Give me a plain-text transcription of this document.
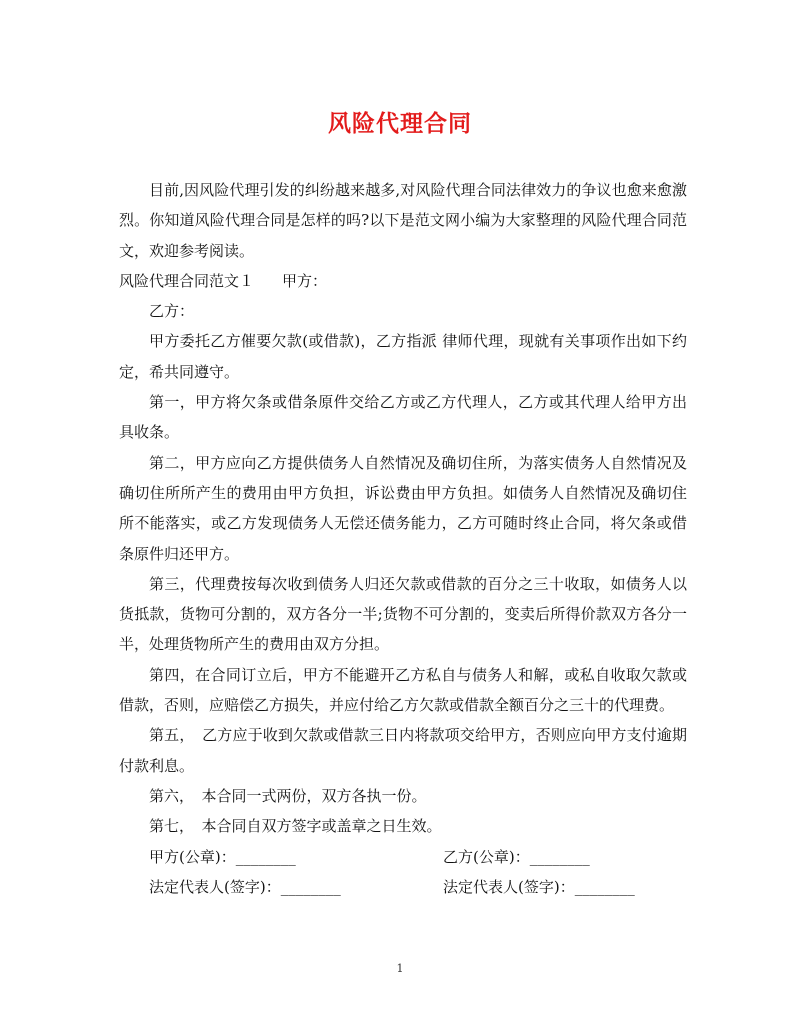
风险代理合同

目前,因风险代理引发的纠纷越来越多,对风险代理合同法律效力的争议也愈来愈激烈。你知道风险代理合同是怎样的吗?以下是范文网小编为大家整理的风险代理合同范文，欢迎参考阅读。

风险代理合同范文１ 甲方：

乙方：

甲方委托乙方催要欠款(或借款)，乙方指派 律师代理，现就有关事项作出如下约定，希共同遵守。

第一，甲方将欠条或借条原件交给乙方或乙方代理人，乙方或其代理人给甲方出具收条。

第二，甲方应向乙方提供债务人自然情况及确切住所，为落实债务人自然情况及确切住所所产生的费用由甲方负担，诉讼费由甲方负担。如债务人自然情况及确切住所不能落实，或乙方发现债务人无偿还债务能力，乙方可随时终止合同，将欠条或借条原件归还甲方。

第三，代理费按每次收到债务人归还欠款或借款的百分之三十收取，如债务人以货抵款，货物可分割的，双方各分一半;货物不可分割的，变卖后所得价款双方各分一半，处理货物所产生的费用由双方分担。

第四，在合同订立后，甲方不能避开乙方私自与债务人和解，或私自收取欠款或借款，否则，应赔偿乙方损失，并应付给乙方欠款或借款全额百分之三十的代理费。

第五，　乙方应于收到欠款或借款三日内将款项交给甲方，否则应向甲方支付逾期付款利息。

第六，　本合同一式两份，双方各执一份。

第七，　本合同自双方签字或盖章之日生效。

甲方(公章)：________	乙方(公章)：________
法定代表人(签字)：________	法定代表人(签字)：________
1
